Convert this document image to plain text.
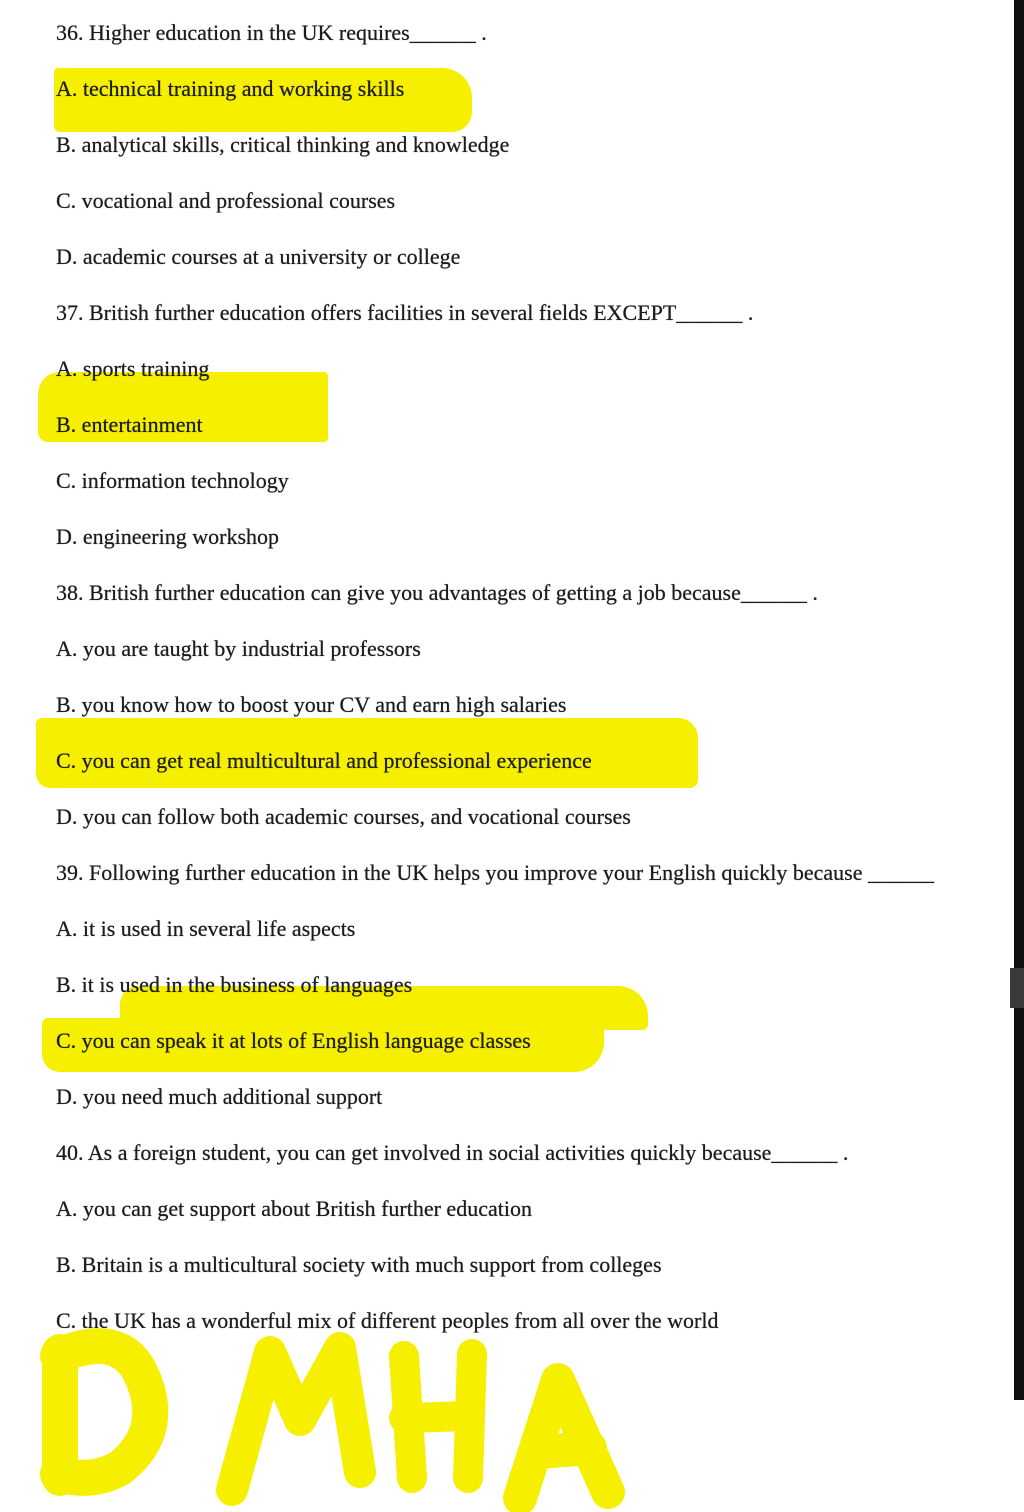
36. Higher education in the UK requires______ .

A. technical training and working skills

B. analytical skills, critical thinking and knowledge

C. vocational and professional courses

D. academic courses at a university or college

37. British further education offers facilities in several fields EXCEPT______ .

A. sports training

B. entertainment

C. information technology

D. engineering workshop

38. British further education can give you advantages of getting a job because______ .

A. you are taught by industrial professors

B. you know how to boost your CV and earn high salaries

C. you can get real multicultural and professional experience

D. you can follow both academic courses, and vocational courses

39. Following further education in the UK helps you improve your English quickly because ______

A. it is used in several life aspects

B. it is used in the business of languages

C. you can speak it at lots of English language classes

D. you need much additional support

40. As a foreign student, you can get involved in social activities quickly because______ .

A. you can get support about British further education

B. Britain is a multicultural society with much support from colleges

C. the UK has a wonderful mix of different peoples from all over the world
